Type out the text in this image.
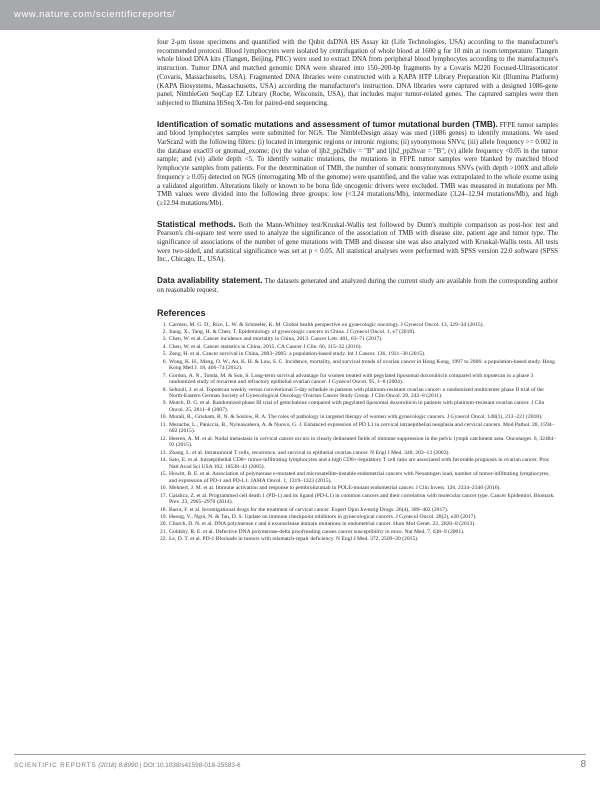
www.nature.com/scientificreports/

four 2-μm tissue specimens and quantified with the Qubit dsDNA HS Assay kit (Life Technologies, USA) according to the manufacturer's recommended protocol. Blood lymphocytes were isolated by centrifugation of whole blood at 1600 g for 10 min at room temperature. Tiangen whole blood DNA kits (Tiangen, Beijing, PRC) were used to extract DNA from peripheral blood lymphocytes according to the manufacturer's instruction. Tumor DNA and matched genomic DNA were sheared into 150–200-bp fragments by a Covaris M220 Focused-Ultrasonicator (Covaris, Massachusetts, USA). Fragmented DNA libraries were constructed with a KAPA HTP Library Preparation Kit (Illumina Platform) (KAPA Biosystems, Massachusetts, USA) according the manufacturer's instruction. DNA libraries were captured with a designed 1086-gene panel, NimbleGen SeqCap EZ Library (Roche, Wisconsin, USA), that includes major tumor-related genes. The captured samples were then subjected to Illumina HiSeq X-Ten for paired-end sequencing.

Identification of somatic mutations and assessment of tumor mutational burden (TMB). FFPE tumor samples and blood lymphocytes samples were submitted for NGS. The NimbleDesign assay was used (1086 genes) to identify mutations. We used VarScan2 with the following filters: (i) located in intergenic regions or intronic regions; (ii) synonymous SNVs; (iii) allele frequency >= 0.002 in the database exac03 or gnomad_exome; (iv) the value of ljb2_pp2hdiv = "B" and ljb2_pp2hvar = "B"; (v) allele frequency <0.05 in the tumor sample; and (vi) allele depth <5. To identify somatic mutations, the mutations in FFPE tumor samples were blanked by matched blood lymphocyte samples from patients. For the determination of TMB, the number of somatic nonsynonymous SNVs (with depth >100X and allele frequency ≥ 0.05) detected on NGS (interrogating Mb of the genome) were quantified, and the value was extrapolated to the whole exome using a validated algorithm. Alterations likely or known to be bona fide oncogenic drivers were excluded. TMB was measured in mutations per Mb. TMB values were divided into the following three groups: low (<3.24 mutations/Mb), intermediate (3.24–12.94 mutations/Mb), and high (≥12.94 mutations/Mb).

Statistical methods. Both the Mann-Whitney test/Kruskal-Wallis test followed by Dunn's multiple comparison as post-hoc test and Pearson's chi-square test were used to analyze the significance of the association of TMB with disease site, patient age and tumor type. The significance of associations of the number of gene mutations with TMB and disease site was also analyzed with Kruskal-Wallis tests. All tests were two-sided, and statistical significance was set at p < 0.05. All statistical analyses were performed with SPSS version 22.0 software (SPSS Inc., Chicago, IL, USA).

Data avaliability statement. The datasets generated and analyzed during the current study are available from the corresponding author on reasonable request.

References
1. Carmen, M. G. D., Rice, L. W. & Schmeler, K. M. Global health perspective on gynecologic oncology. J Gynecol Oncol. 13, 329–34 (2015).
2. Jiang, X., Tang, H. & Chen, T. Epidemiology of gynecologic cancers in China. J Gynecol Oncol. 1, e7 (2018).
3. Chen, W. et al. Cancer incidence and mortality in China, 2013. Cancer Lett. 401, 63–71 (2017).
4. Chen, W. et al. Cancer statistics in China, 2015. CA Cancer J Clin. 66, 115–32 (2016).
5. Zeng, H. et al. Cancer survival in China, 2003–2005: a population-based study. Int J Cancer. 136, 1921–30 (2015).
6. Wong, K. H., Mang, O. W., Au, K. H. & Law, S. C. Incidence, mortality, and survival trends of ovarian cancer in Hong Kong, 1997 to 2006: a population-based study. Hong Kong Med J. 18, 466–74 (2012).
7. Gordon, A. N., Tonda, M. & Sun, S. Long-term survival advantage for women treated with pegylated liposomal doxorubicin compared with topotecan in a phase 3 randomized study of recurrent and refractory epithelial ovarian cancer. J Gynecol Oncol. 95, 1–8 (2004).
8. Sehouli, J. et al. Topotecan weekly versus conventional 5-day schedule in patients with platinum-resistant ovarian cancer: a randomized multicenter phase II trial of the North-Eastern German Society of Gynecological Oncology Ovarian Cancer Study Group. J Clin Oncol. 29, 242–8 (2011).
9. Mutch, D. G. et al. Randomized phase III trial of gemcitabine compared with pegylated liposomal doxorubicin in patients with platinum-resistant ovarian cancer. J Clin Oncol. 25, 2811–8 (2007).
10. Murali, R., Grisham, R. N. & Soslow, R. A. The roles of pathology in targeted therapy of women with gynecologic cancers. J Gynecol Oncol. 148(1), 213–221 (2018).
11. Mezache, L., Paniccia, B., Nyinawabera, A. & Nuovo, G. J. Enhanced expression of PD L1 in cervical intraepithelial neoplasia and cervical cancers. Mod Pathol. 28, 1594–602 (2015).
12. Heeren, A. M. et al. Nodal metastasis in cervical cancer occurs in clearly delineated fields of immune suppression in the pelvic lymph catchment area. Oncotarget. 6, 32484–93 (2015).
13. Zhang, L. et al. Intratumoral T cells, recurrence, and survival in epithelial ovarian cancer. N Engl J Med. 348, 203–13 (2003).
14. Sato, E. et al. Intraepithelial CD8+ tumor-infiltrating lymphocytes and a high CD8+/regulatory T cell ratio are associated with favorable prognosis in ovarian cancer. Proc Natl Acad Sci USA 102, 18538–43 (2005).
15. Howitt, B. E. et al. Association of polymerase e-mutated and microsatellite-instable endometrial cancers with Neoantigen load, number of tumor-infiltrating lymphocytes, and expression of PD-1 and PD-L1. JAMA Oncol. 1, 1319–1323 (2015).
16. Mehnert, J. M. et al. Immune activation and response to pembrolizumab in POLE-mutant endometrial cancer. J Clin Invest. 126, 2334–2340 (2016).
17. Gatalica, Z. et al. Programmed cell death 1 (PD-1) and its ligand (PD-L1) in common cancers and their correlation with molecular cancer type. Cancer Epidemiol. Biomark. Prev. 23, 2965–2970 (2014).
18. Barra, F. et al. Investigational drugs for the treatment of cervical cancer. Expert Opin Investig Drugs. 26(4), 389–402 (2017).
19. Heong, V., Ngoi, N. & Tan, D. S. Update on immune checkpoint inhibitors in gynecological cancers. J Gynecol Oncol. 28(2), e20 (2017).
20. Church, D. N. et al. DNA polymerase ε and δ exonuclease domain mutations in endometrial cancer. Hum Mol Genet. 22, 2820–8 (2013).
21. Goldsby, R. E. et al. Defective DNA polymerase-delta proofreading causes cancer susceptibility in mice. Nat Med. 7, 638–9 (2001).
22. Le, D. T. et al. PD-1 Blockade in tumors with mismatch-repair deficiency. N Engl J Med. 372, 2509–20 (2015).
SCIENTIFIC REPORTS (2018) 8:8990 | DOI:10.1038/s41598-018-25583-6	8
